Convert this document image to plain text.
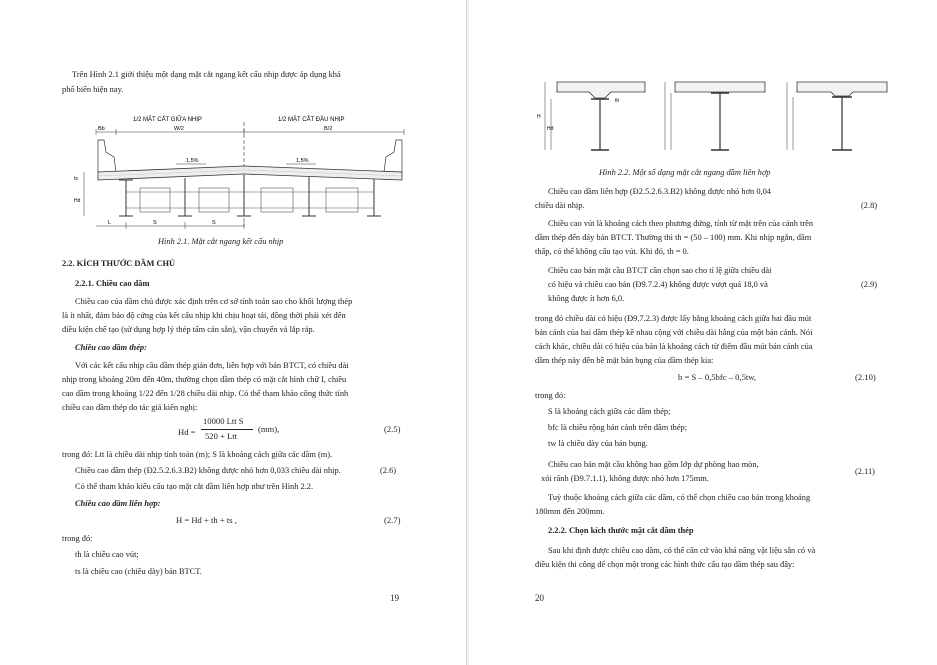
Trên Hình 2.1 giới thiệu một dạng mặt cắt ngang kết cấu nhịp được áp dụng khá
phổ biến hiện nay.
1/2 MẶT CẮT GIỮA NHỊP	1/2 MẶT CẮT ĐẦU NHỊP
Bb	W/2	B/2
1,5%	1,5%
ts
Hd
L	S	S
Hình 2.1. Mặt cắt ngang kết cấu nhịp
2.2. KÍCH THƯỚC DẦM CHỦ
2.2.1. Chiều cao dầm
Chiều cao của dầm chủ được xác định trên cơ sở tính toán sao cho khối lượng thép
là ít nhất, đảm bảo độ cứng của kết cấu nhịp khi chịu hoạt tải, đồng thời phải xét đến
điều kiện chế tạo (sử dụng hợp lý thép tấm cán sẵn), vận chuyển và lắp ráp.
Chiều cao dầm thép:
Với các kết cấu nhịp cầu dầm thép giản đơn, liên hợp với bản BTCT, có chiều dài
nhịp trong khoảng 20m đến 40m, thường chọn dầm thép có mặt cắt hình chữ I, chiều
cao dầm trong khoảng 1/22 đến 1/28 chiều dài nhịp. Có thể tham khảo công thức tính
chiều cao dầm thép do tác giả kiến nghị:
Hd =
10000 Ltt S
520 + Ltt
(mm),	(2.5)
trong đó: Ltt là chiều dài nhịp tính toán (m); S là khoảng cách giữa các dầm (m).
Chiều cao dầm thép (Đ2.5.2.6.3.B2) không được nhỏ hơn 0,033 chiều dài nhịp.	(2.6)
Có thể tham khảo kiểu cấu tạo mặt cắt dầm liên hợp như trên Hình 2.2.
Chiều cao dầm liên hợp:
H = Hd + th + ts ,	(2.7)
trong đó:
th là chiều cao vút;
ts là chiều cao (chiều dày) bản BTCT.
19
H
Hd
th
Hình 2.2. Một số dạng mặt cắt ngang dầm liên hợp
Chiều cao dầm liên hợp (Đ2.5.2.6.3.B2) không được nhỏ hơn 0,04
chiều dài nhịp.	(2.8)
Chiều cao vút là khoảng cách theo phương đứng, tính từ mặt trên của cánh trên
dầm thép đến đáy bản BTCT. Thường thì th = (50 – 100) mm. Khi nhịp ngắn, dầm
thấp, có thể không cấu tạo vút. Khi đó, th = 0.
Chiều cao bản mặt cầu BTCT cần chọn sao cho tỉ lệ giữa chiều dài
có hiệu và chiều cao bản (Đ9.7.2.4) không được vượt quá 18,0 và
không được ít hơn 6,0.
(2.9)
trong đó chiều dài có hiệu (Đ9.7.2.3) được lấy bằng khoảng cách giữa hai đầu mút
bản cánh của hai dầm thép kề nhau cộng với chiều dài hẫng của một bản cánh. Nói
cách khác, chiều dài có hiệu của bản là khoảng cách từ điểm đầu mút bản cánh của
dầm thép này đến bề mặt bản bụng của dầm thép kia:
b = S – 0,5bfc – 0,5tw,	(2.10)
trong đó:
S là khoảng cách giữa các dầm thép;
bfc là chiều rộng bản cánh trên dầm thép;
tw là chiều dày của bản bụng.
Chiều cao bản mặt cầu không bao gồm lớp dự phòng hao mòn,
xói rãnh (Đ9.7.1.1), không được nhỏ hơn 175mm.
(2.11)
Tuỳ thuộc khoảng cách giữa các dầm, có thể chọn chiều cao bản trong khoảng
180mm đến 200mm.
2.2.2. Chọn kích thước mặt cắt dầm thép
Sau khi định được chiều cao dầm, có thể căn cứ vào khả năng vật liệu sẵn có và
điều kiện thi công để chọn một trong các hình thức cấu tạo dầm thép sau đây:
20
